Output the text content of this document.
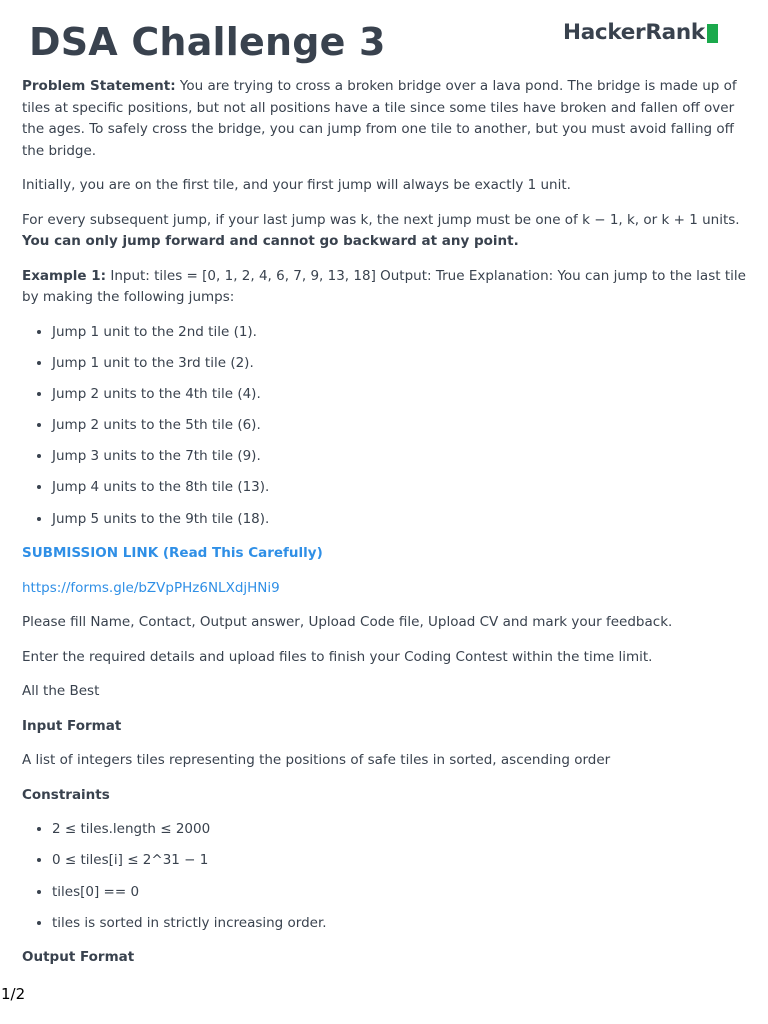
DSA Challenge 3	HackerRank

Problem Statement: You are trying to cross a broken bridge over a lava pond. The bridge is made up of tiles at specific positions, but not all positions have a tile since some tiles have broken and fallen off over the ages. To safely cross the bridge, you can jump from one tile to another, but you must avoid falling off the bridge.

Initially, you are on the first tile, and your first jump will always be exactly 1 unit.

For every subsequent jump, if your last jump was k, the next jump must be one of k − 1, k, or k + 1 units. You can only jump forward and cannot go backward at any point.

Example 1: Input: tiles = [0, 1, 2, 4, 6, 7, 9, 13, 18] Output: True Explanation: You can jump to the last tile by making the following jumps:

• Jump 1 unit to the 2nd tile (1).
• Jump 1 unit to the 3rd tile (2).
• Jump 2 units to the 4th tile (4).
• Jump 2 units to the 5th tile (6).
• Jump 3 units to the 7th tile (9).
• Jump 4 units to the 8th tile (13).
• Jump 5 units to the 9th tile (18).

SUBMISSION LINK (Read This Carefully)

https://forms.gle/bZVpPHz6NLXdjHNi9

Please fill Name, Contact, Output answer, Upload Code file, Upload CV and mark your feedback.

Enter the required details and upload files to finish your Coding Contest within the time limit.

All the Best

Input Format

A list of integers tiles representing the positions of safe tiles in sorted, ascending order

Constraints

• 2 ≤ tiles.length ≤ 2000
• 0 ≤ tiles[i] ≤ 2^31 − 1
• tiles[0] == 0
• tiles is sorted in strictly increasing order.

Output Format

1/2
